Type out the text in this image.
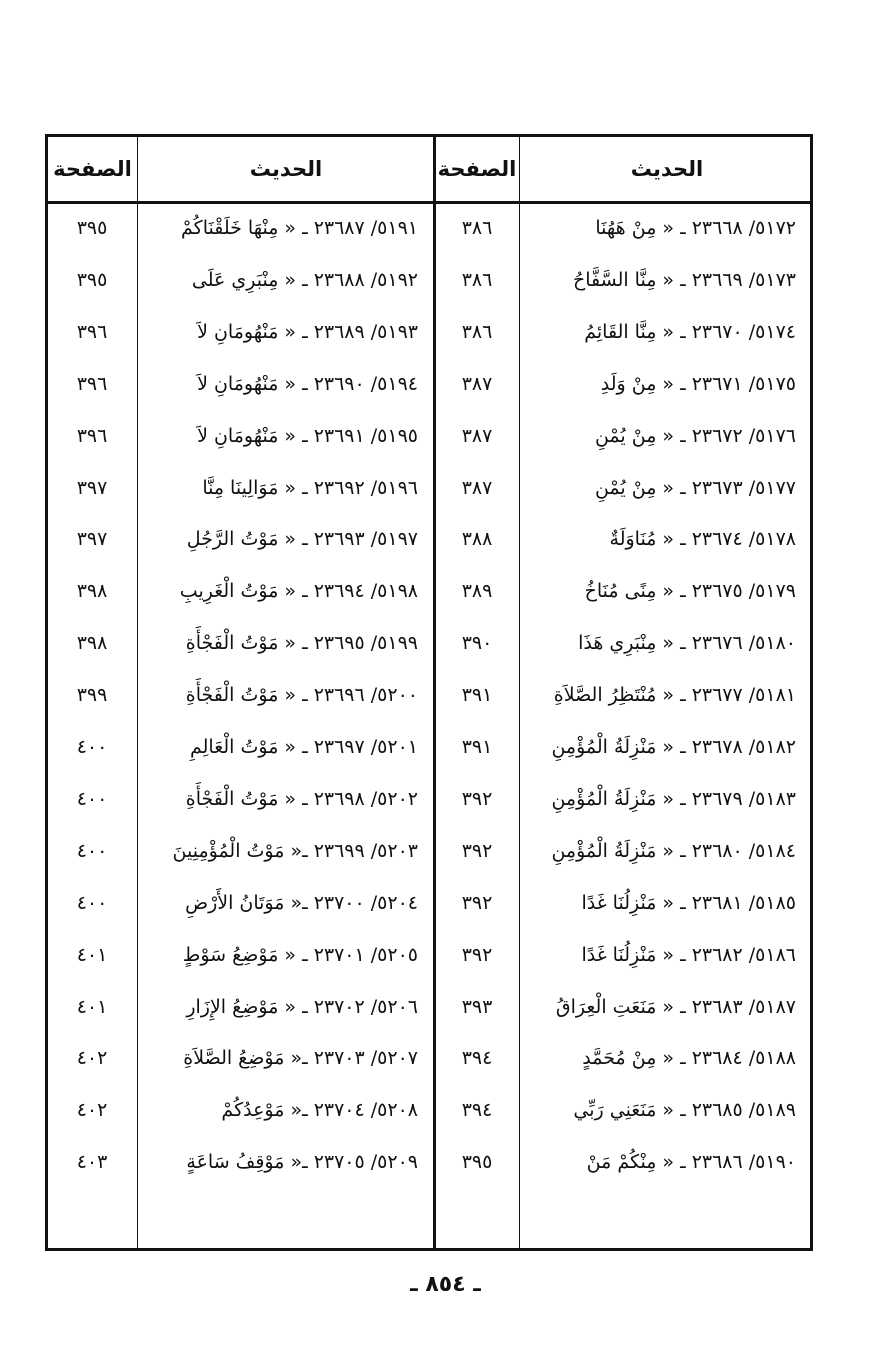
الحديث
الصفحة
الحديث
الصفحة
٥١٧٢/ ٢٣٦٦٨ ـ « مِنْ هَهُنَا
٣٨٦
٥١٧٣/ ٢٣٦٦٩ ـ « مِنَّا السَّفَّاحُ
٣٨٦
٥١٧٤/ ٢٣٦٧٠ ـ « مِنَّا القَائِمُ
٣٨٦
٥١٧٥/ ٢٣٦٧١ ـ « مِنْ وَلَدِ
٣٨٧
٥١٧٦/ ٢٣٦٧٢ ـ « مِنْ يُمْنِ
٣٨٧
٥١٧٧/ ٢٣٦٧٣ ـ « مِنْ يُمْنِ
٣٨٧
٥١٧٨/ ٢٣٦٧٤ ـ « مُنَاوَلَةٌ
٣٨٨
٥١٧٩/ ٢٣٦٧٥ ـ « مِنًى مُنَاخُ
٣٨٩
٥١٨٠/ ٢٣٦٧٦ ـ « مِنْبَرِي هَذَا
٣٩٠
٥١٨١/ ٢٣٦٧٧ ـ « مُنْتَظِرُ الصَّلاَةِ
٣٩١
٥١٨٢/ ٢٣٦٧٨ ـ « مَنْزِلَةُ الْمُؤْمِنِ
٣٩١
٥١٨٣/ ٢٣٦٧٩ ـ « مَنْزِلَةُ الْمُؤْمِنِ
٣٩٢
٥١٨٤/ ٢٣٦٨٠ ـ « مَنْزِلَةُ الْمُؤْمِنِ
٣٩٢
٥١٨٥/ ٢٣٦٨١ ـ « مَنْزِلُنَا غَدًا
٣٩٢
٥١٨٦/ ٢٣٦٨٢ ـ « مَنْزِلُنَا غَدًا
٣٩٢
٥١٨٧/ ٢٣٦٨٣ ـ « مَنَعَتِ الْعِرَاقُ
٣٩٣
٥١٨٨/ ٢٣٦٨٤ ـ « مِنْ مُحَمَّدٍ
٣٩٤
٥١٨٩/ ٢٣٦٨٥ ـ « مَنَعَنِي رَبِّي
٣٩٤
٥١٩٠/ ٢٣٦٨٦ ـ « مِنْكُمْ مَنْ
٣٩٥
٥١٩١/ ٢٣٦٨٧ ـ « مِنْهَا خَلَقْنَاكُمْ
٣٩٥
٥١٩٢/ ٢٣٦٨٨ ـ « مِنْبَرِي عَلَى
٣٩٥
٥١٩٣/ ٢٣٦٨٩ ـ « مَنْهُومَانِ لاَ
٣٩٦
٥١٩٤/ ٢٣٦٩٠ ـ « مَنْهُومَانِ لاَ
٣٩٦
٥١٩٥/ ٢٣٦٩١ ـ « مَنْهُومَانِ لاَ
٣٩٦
٥١٩٦/ ٢٣٦٩٢ ـ « مَوَالِينَا مِنَّا
٣٩٧
٥١٩٧/ ٢٣٦٩٣ ـ « مَوْتُ الرَّجُلِ
٣٩٧
٥١٩٨/ ٢٣٦٩٤ ـ « مَوْتُ الْغَرِيبِ
٣٩٨
٥١٩٩/ ٢٣٦٩٥ ـ « مَوْتُ الْفَجْأَةِ
٣٩٨
٥٢٠٠/ ٢٣٦٩٦ ـ « مَوْتُ الْفَجْأَةِ
٣٩٩
٥٢٠١/ ٢٣٦٩٧ ـ « مَوْتُ الْعَالِمِ
٤٠٠
٥٢٠٢/ ٢٣٦٩٨ ـ « مَوْتُ الْفَجْأَةِ
٤٠٠
٥٢٠٣/ ٢٣٦٩٩ ـ« مَوْتُ الْمُؤْمِنِينَ
٤٠٠
٥٢٠٤/ ٢٣٧٠٠ ـ« مَوَتَانُ الأَرْضِ
٤٠٠
٥٢٠٥/ ٢٣٧٠١ ـ « مَوْضِعُ سَوْطٍ
٤٠١
٥٢٠٦/ ٢٣٧٠٢ ـ « مَوْضِعُ الإِزَارِ
٤٠١
٥٢٠٧/ ٢٣٧٠٣ ـ« مَوْضِعُ الصَّلاَةِ
٤٠٢
٥٢٠٨/ ٢٣٧٠٤ ـ« مَوْعِدُكُمْ
٤٠٢
٥٢٠٩/ ٢٣٧٠٥ ـ« مَوْقِفُ سَاعَةٍ
٤٠٣
ـ ٨٥٤ ـ
